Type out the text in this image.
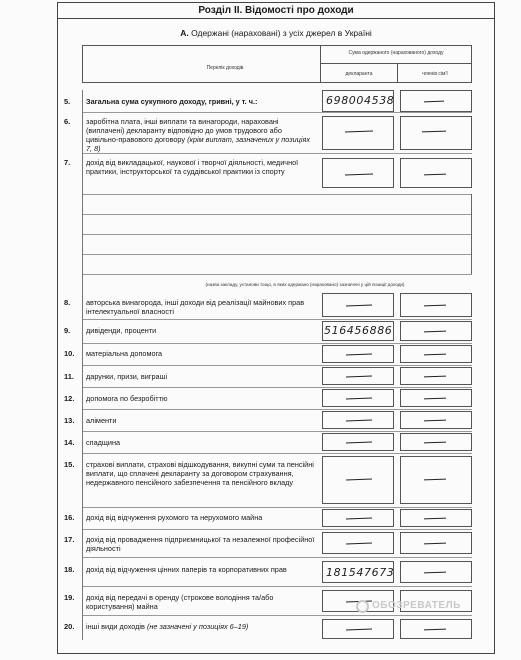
Розділ ІІ. Відомості про доходи
А. Одержані (нараховані) з усіх джерел в Україні
Перелік доходів
Сума одержаного (нарахованого) доходу
декларанта	членів сім'ї
5.	Загальна сума сукупного доходу, гривні, у т. ч.:	698004538
6.	заробітна плата, інші виплати та винагороди, нараховані (виплачені) декларанту відповідно до умов трудового або цивільно-правового договору (крім виплат, зазначених у позиціях 7, 8)
7.	дохід від викладацької, наукової і творчої діяльності, медичної практики, інструкторської та суддівської практики із спорту
(назва закладу, установи тощо, в яких одержано (нараховано) зазначені у цій позиції доходи)
8.	авторська винагорода, інші доходи від реалізації майнових прав інтелектуальної власності
9.	дивіденди, проценти	516456886
10.	матеріальна допомога
11.	дарунки, призи, виграші
12.	допомога по безробіттю
13.	аліменти
14.	спадщина
15.	страхові виплати, страхові відшкодування, викупні суми та пенсійні виплати, що сплачені декларанту за договором страхування, недержавного пенсійного забезпечення та пенсійного вкладу
16.	дохід від відчуження рухомого та нерухомого майна
17.	дохід від провадження підприємницької та незалежної професійної діяльності
18.	дохід від відчуження цінних паперів та корпоративних прав	181547673
19.	дохід від передачі в оренду (строкове володіння та/або користування) майна
20.	інші види доходів (не зазначені у позиціях 6–19)
ОБОЗРЕВАТЕЛЬ
